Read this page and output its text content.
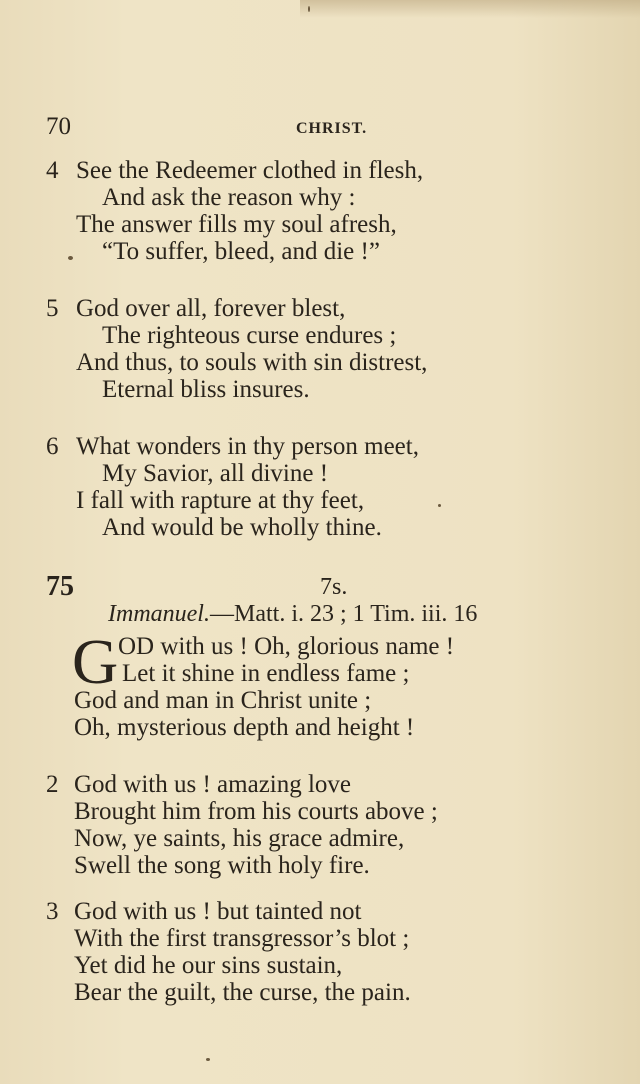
70	CHRIST.
4 See the Redeemer clothed in flesh,
And ask the reason why :
The answer fills my soul afresh,
“To suffer, bleed, and die !”
5 God over all, forever blest,
The righteous curse endures ;
And thus, to souls with sin distrest,
Eternal bliss insures.
6 What wonders in thy person meet,
My Savior, all divine !
I fall with rapture at thy feet,
And would be wholly thine.
75	7s.
Immanuel.—Matt. i. 23 ; 1 Tim. iii. 16
G OD with us ! Oh, glorious name !
Let it shine in endless fame ;
God and man in Christ unite ;
Oh, mysterious depth and height !
2 God with us ! amazing love
Brought him from his courts above ;
Now, ye saints, his grace admire,
Swell the song with holy fire.
3 God with us ! but tainted not
With the first transgressor’s blot ;
Yet did he our sins sustain,
Bear the guilt, the curse, the pain.
